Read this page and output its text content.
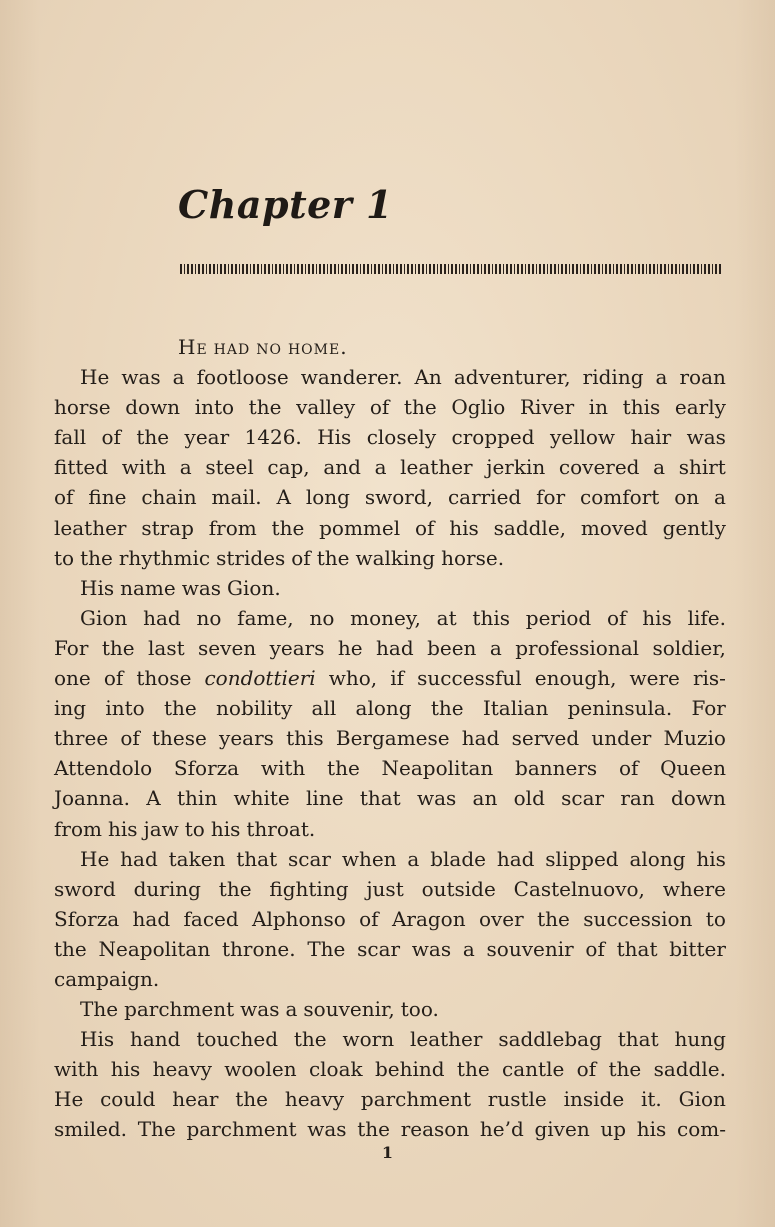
Chapter 1
He had no home.
He was a footloose wanderer. An adventurer, riding a roan
horse down into the valley of the Oglio River in this early
fall of the year 1426. His closely cropped yellow hair was
fitted with a steel cap, and a leather jerkin covered a shirt
of fine chain mail. A long sword, carried for comfort on a
leather strap from the pommel of his saddle, moved gently
to the rhythmic strides of the walking horse.
His name was Gion.
Gion had no fame, no money, at this period of his life.
For the last seven years he had been a professional soldier,
one of those condottieri who, if successful enough, were ris-
ing into the nobility all along the Italian peninsula. For
three of these years this Bergamese had served under Muzio
Attendolo Sforza with the Neapolitan banners of Queen
Joanna. A thin white line that was an old scar ran down
from his jaw to his throat.
He had taken that scar when a blade had slipped along his
sword during the fighting just outside Castelnuovo, where
Sforza had faced Alphonso of Aragon over the succession to
the Neapolitan throne. The scar was a souvenir of that bitter
campaign.
The parchment was a souvenir, too.
His hand touched the worn leather saddlebag that hung
with his heavy woolen cloak behind the cantle of the saddle.
He could hear the heavy parchment rustle inside it. Gion
smiled. The parchment was the reason he’d given up his com-
1
